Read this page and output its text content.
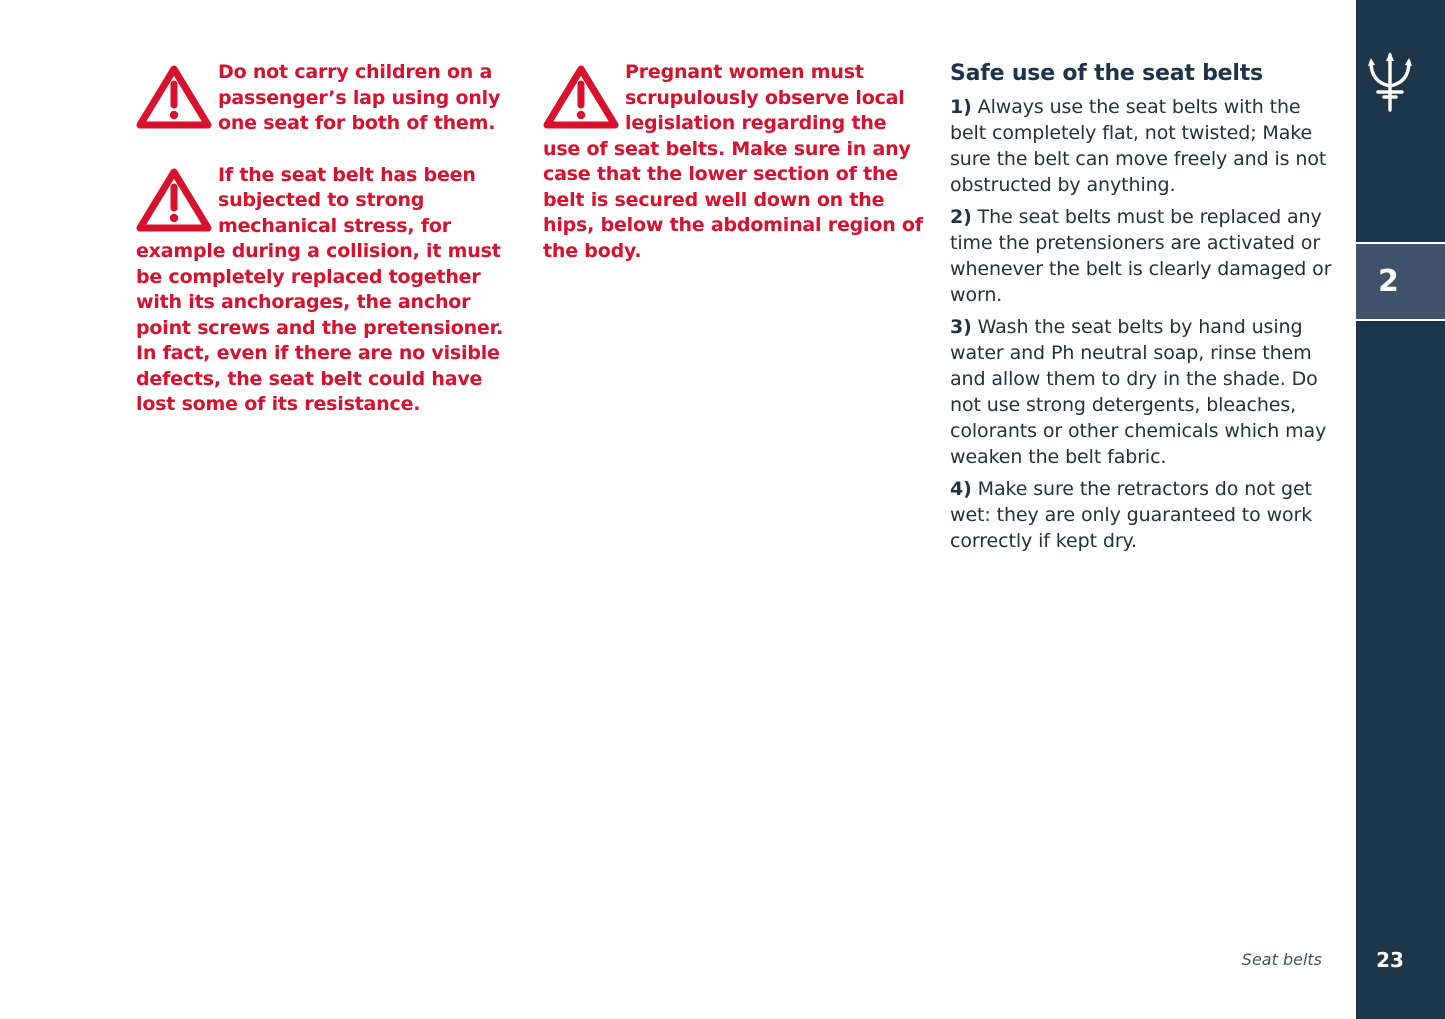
Do not carry children on a passenger’s lap using only one seat for both of them.

If the seat belt has been subjected to strong mechanical stress, for example during a collision, it must be completely replaced together with its anchorages, the anchor point screws and the pretensioner. In fact, even if there are no visible defects, the seat belt could have lost some of its resistance.

Pregnant women must scrupulously observe local legislation regarding the use of seat belts. Make sure in any case that the lower section of the belt is secured well down on the hips, below the abdominal region of the body.

Safe use of the seat belts

1) Always use the seat belts with the belt completely flat, not twisted; Make sure the belt can move freely and is not obstructed by anything.

2) The seat belts must be replaced any time the pretensioners are activated or whenever the belt is clearly damaged or worn.

3) Wash the seat belts by hand using water and Ph neutral soap, rinse them and allow them to dry in the shade. Do not use strong detergents, bleaches, colorants or other chemicals which may weaken the belt fabric.

4) Make sure the retractors do not get wet: they are only guaranteed to work correctly if kept dry.

Seat belts
2
23
